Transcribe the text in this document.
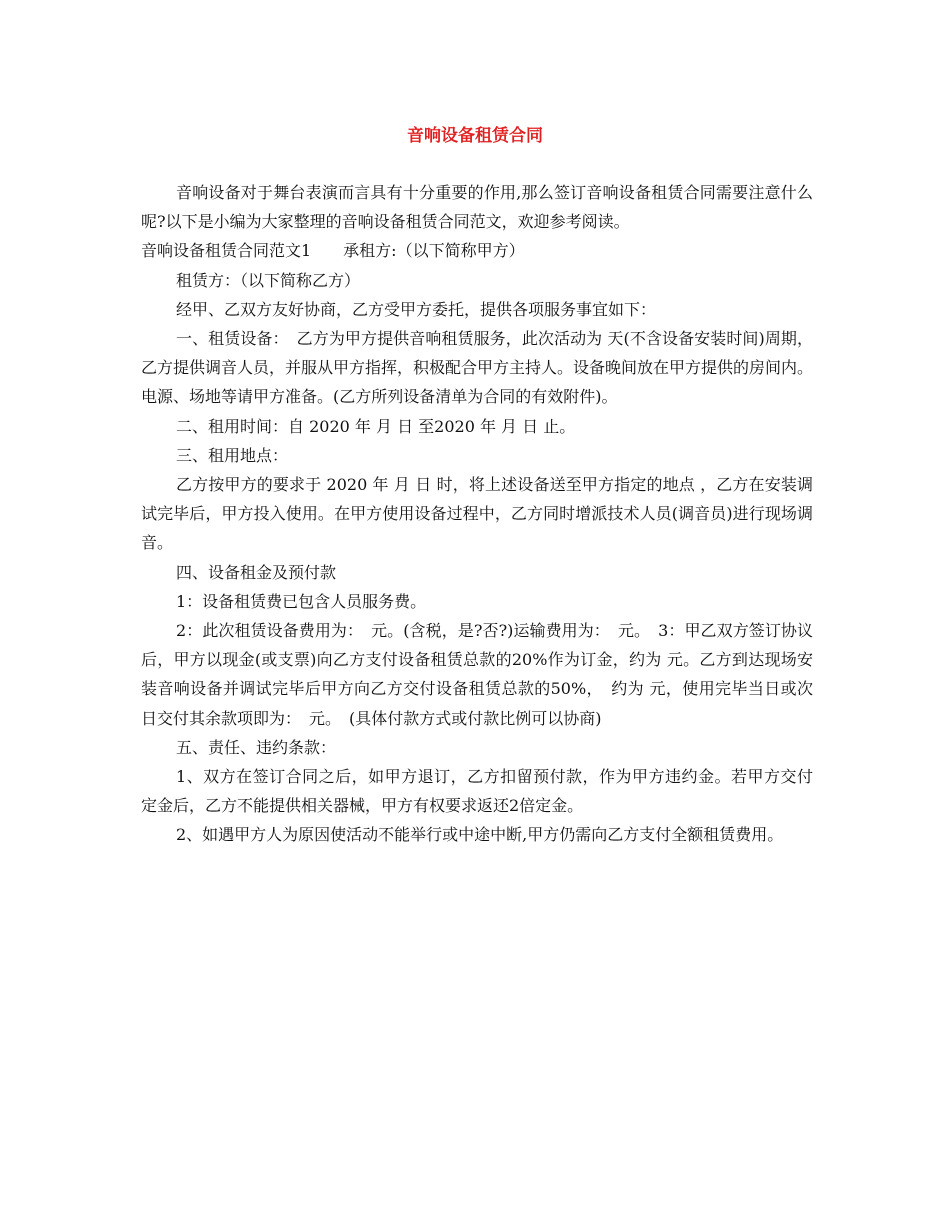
音响设备租赁合同

音响设备对于舞台表演而言具有十分重要的作用,那么签订音响设备租赁合同需要注意什么呢?以下是小编为大家整理的音响设备租赁合同范文，欢迎参考阅读。

音响设备租赁合同范文1　　承租方:（以下简称甲方）

租赁方：（以下简称乙方）

经甲、乙双方友好协商，乙方受甲方委托，提供各项服务事宜如下：

一、租赁设备：　乙方为甲方提供音响租赁服务，此次活动为 天(不含设备安装时间)周期，乙方提供调音人员，并服从甲方指挥，积极配合甲方主持人。设备晚间放在甲方提供的房间内。电源、场地等请甲方准备。(乙方所列设备清单为合同的有效附件)。

二、租用时间：自 2020 年 月 日 至2020 年 月 日 止。

三、租用地点：

乙方按甲方的要求于 2020 年 月 日 时，将上述设备送至甲方指定的地点 ，乙方在安装调试完毕后，甲方投入使用。在甲方使用设备过程中，乙方同时增派技术人员(调音员)进行现场调音。

四、设备租金及预付款

1：设备租赁费已包含人员服务费。

2：此次租赁设备费用为：　元。(含税，是?否?)运输费用为：　元。　3：甲乙双方签订协议后，甲方以现金(或支票)向乙方支付设备租赁总款的20%作为订金，约为 元。乙方到达现场安装音响设备并调试完毕后甲方向乙方交付设备租赁总款的50%，　约为 元，使用完毕当日或次日交付其余款项即为：　元。　(具体付款方式或付款比例可以协商)

五、责任、违约条款：

1、双方在签订合同之后，如甲方退订，乙方扣留预付款，作为甲方违约金。若甲方交付 定金后，乙方不能提供相关器械，甲方有权要求返还2倍定金。

2、如遇甲方人为原因使活动不能举行或中途中断,甲方仍需向乙方支付全额租赁费用。
